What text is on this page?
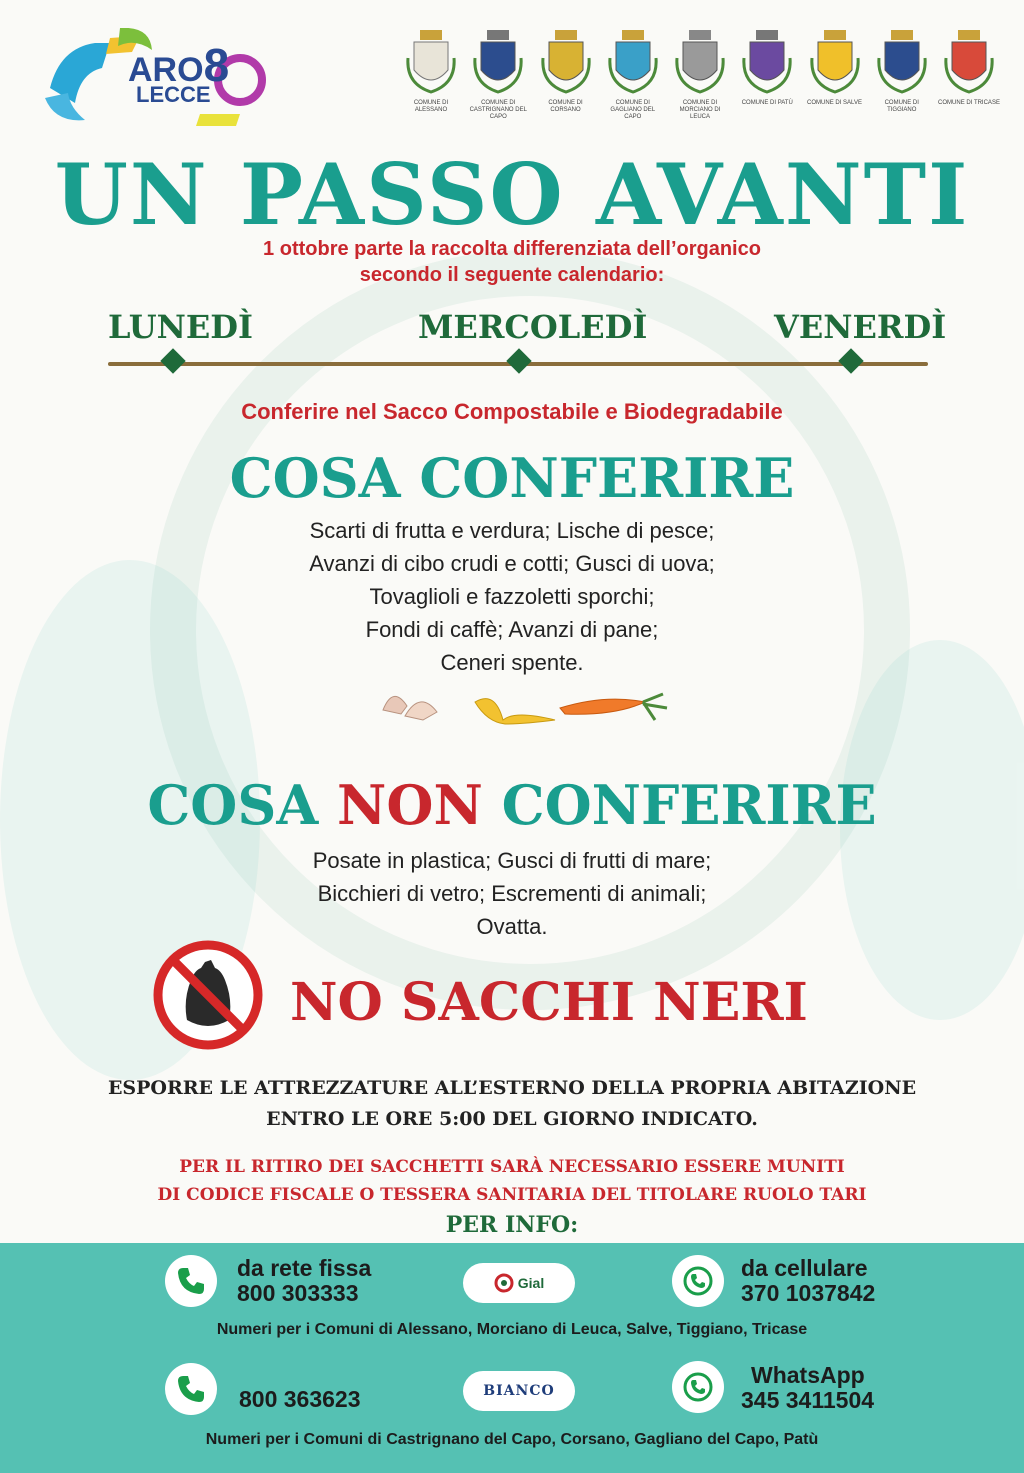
ARO8
LECCE	COMUNE DI ALESSANO
COMUNE DI CASTRIGNANO DEL CAPO
COMUNE DI CORSANO
COMUNE DI GAGLIANO DEL CAPO
COMUNE DI MORCIANO DI LEUCA
COMUNE DI PATÙ COMUNE DI SALVE	COMUNE DI TIGGIANO
COMUNE DI TRICASE
UN PASSO AVANTI
1 ottobre parte la raccolta differenziata dell’organico
secondo il seguente calendario:
LUNEDÌ	MERCOLEDÌ	VENERDÌ
Conferire nel Sacco Compostabile e Biodegradabile
COSA CONFERIRE
Scarti di frutta e verdura; Lische di pesce;
Avanzi di cibo crudi e cotti; Gusci di uova;
Tovaglioli e fazzoletti sporchi;
Fondi di caffè; Avanzi di pane;
Ceneri spente.
COSA NON CONFERIRE
Posate in plastica; Gusci di frutti di mare;
Bicchieri di vetro; Escrementi di animali;
Ovatta.
NO SACCHI NERI
ESPORRE LE ATTREZZATURE ALL’ESTERNO DELLA PROPRIA ABITAZIONE
ENTRO LE ORE 5:00 DEL GIORNO INDICATO.
PER IL RITIRO DEI SACCHETTI SARÀ NECESSARIO ESSERE MUNITI
DI CODICE FISCALE O TESSERA SANITARIA DEL TITOLARE RUOLO TARI
PER INFO:
da rete fissa
800 303333	Gial
da cellulare
370 1037842
Numeri per i Comuni di Alessano, Morciano di Leuca, Salve, Tiggiano, Tricase
800 363623	BIANCO
WhatsApp
345 3411504
Numeri per i Comuni di Castrignano del Capo, Corsano, Gagliano del Capo, Patù
